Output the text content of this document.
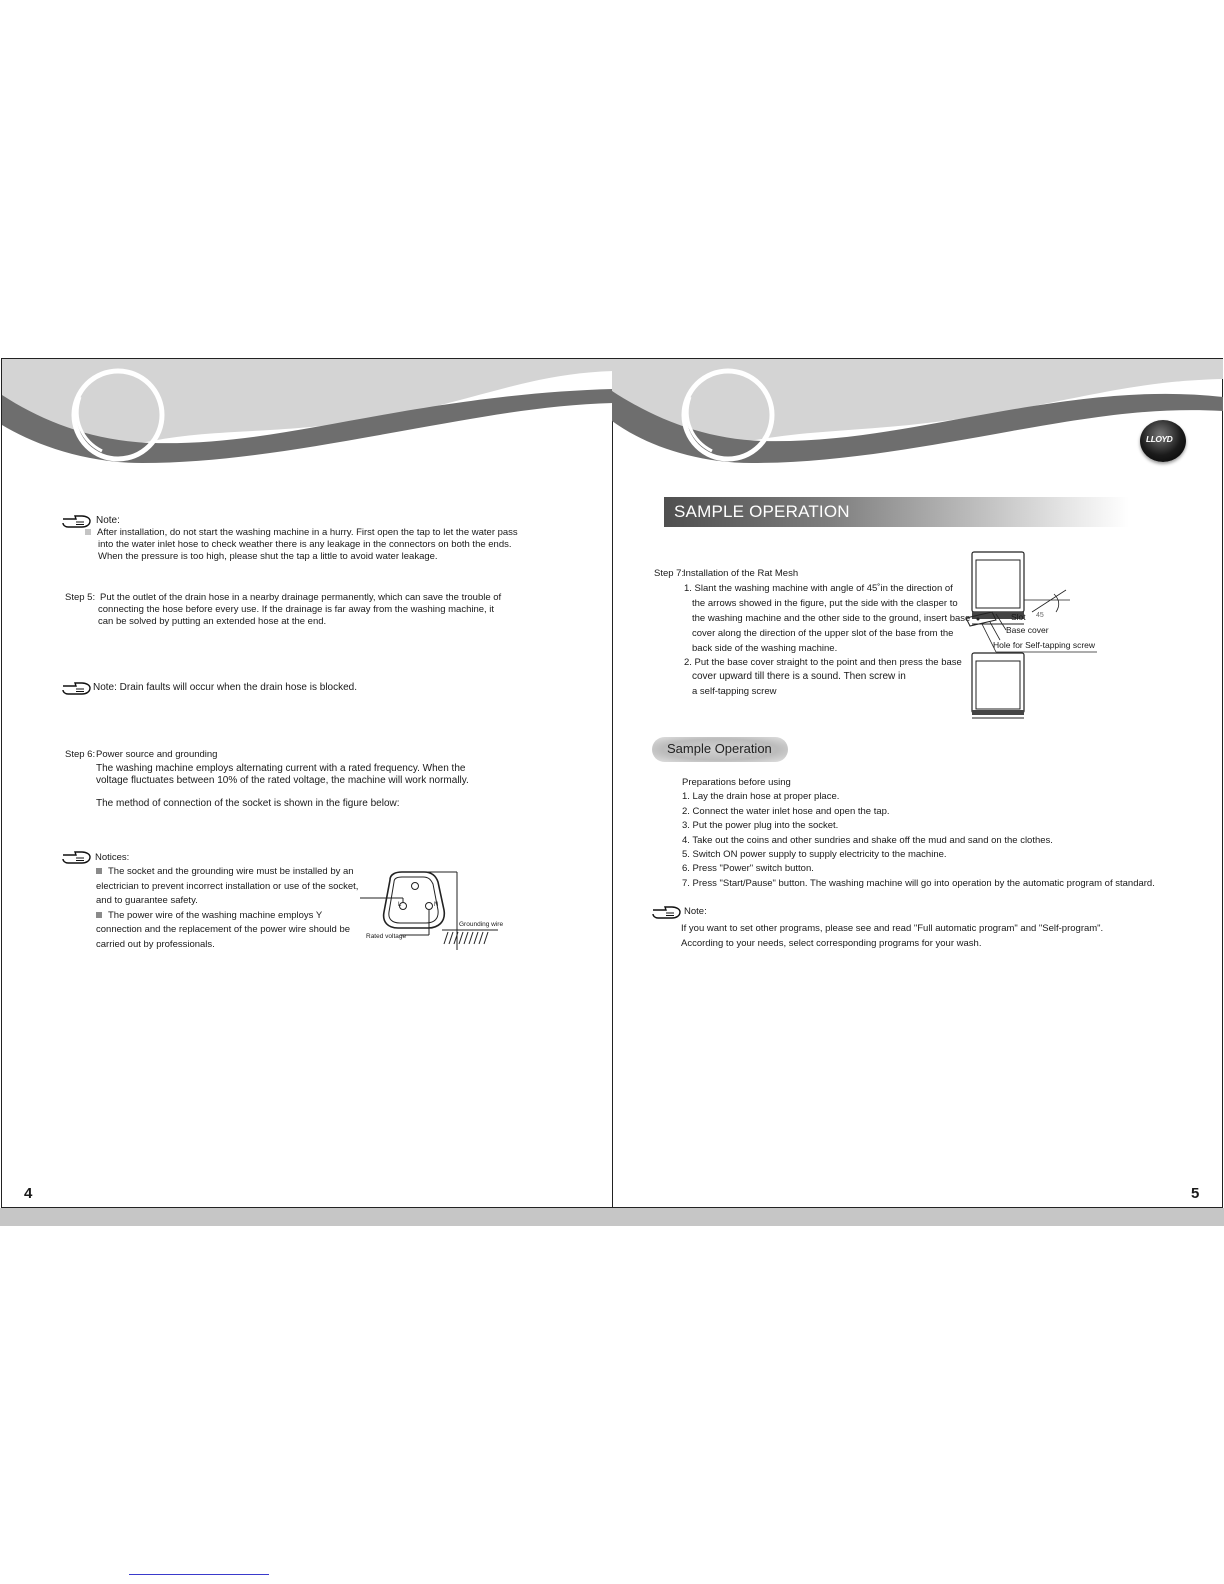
LLOYD
Note:
After installation, do not start the washing machine in a hurry. First open the tap to let the water pass
into the water inlet hose to check weather there is any leakage in the connectors on both the ends.
When the pressure is too high, please shut the tap a little to avoid water leakage.
Step 5: Put the outlet of the drain hose in a nearby drainage permanently, which can save the trouble of
connecting the hose before every use. If the drainage is far away from the washing machine, it
can be solved by putting an extended hose at the end.
Note: Drain faults will occur when the drain hose is blocked.
Step 6: Power source and grounding
The washing machine employs alternating current with a rated frequency. When the
voltage fluctuates between 10% of the rated voltage, the machine will work normally.
The method of connection of the socket is shown in the figure below:
Notices:
The socket and the grounding wire must be installed by an
electrician to prevent incorrect installation or use of the socket,
and to guarantee safety.
The power wire of the washing machine employs Y
connection and the replacement of the power wire should be
carried out by professionals.
L	N
Rated voltage
Grounding wire
4
SAMPLE OPERATION
Step 7:
Installation of the Rat Mesh
1. Slant the washing machine with angle of 45˚in the direction of
the arrows showed in the figure, put the side with the clasper to
the washing machine and the other side to the ground, insert base
cover along the direction of the upper slot of the base from the
back side of the washing machine.
2. Put the base cover straight to the point and then press the base
cover upward till there is a sound. Then screw in
a self-tapping screw
Slot 45
Base cover
Hole for Self-tapping screw
Sample Operation
Preparations before using
1. Lay the drain hose at proper place.
2. Connect the water inlet hose and open the tap.
3. Put the power plug into the socket.
4. Take out the coins and other sundries and shake off the mud and sand on the clothes.
5. Switch ON power supply to supply electricity to the machine.
6. Press "Power" switch button.
7. Press "Start/Pause" button. The washing machine will go into operation by the automatic program of standard.
Note:
If you want to set other programs, please see and read "Full automatic program" and "Self-program".
According to your needs, select corresponding programs for your wash.
5
